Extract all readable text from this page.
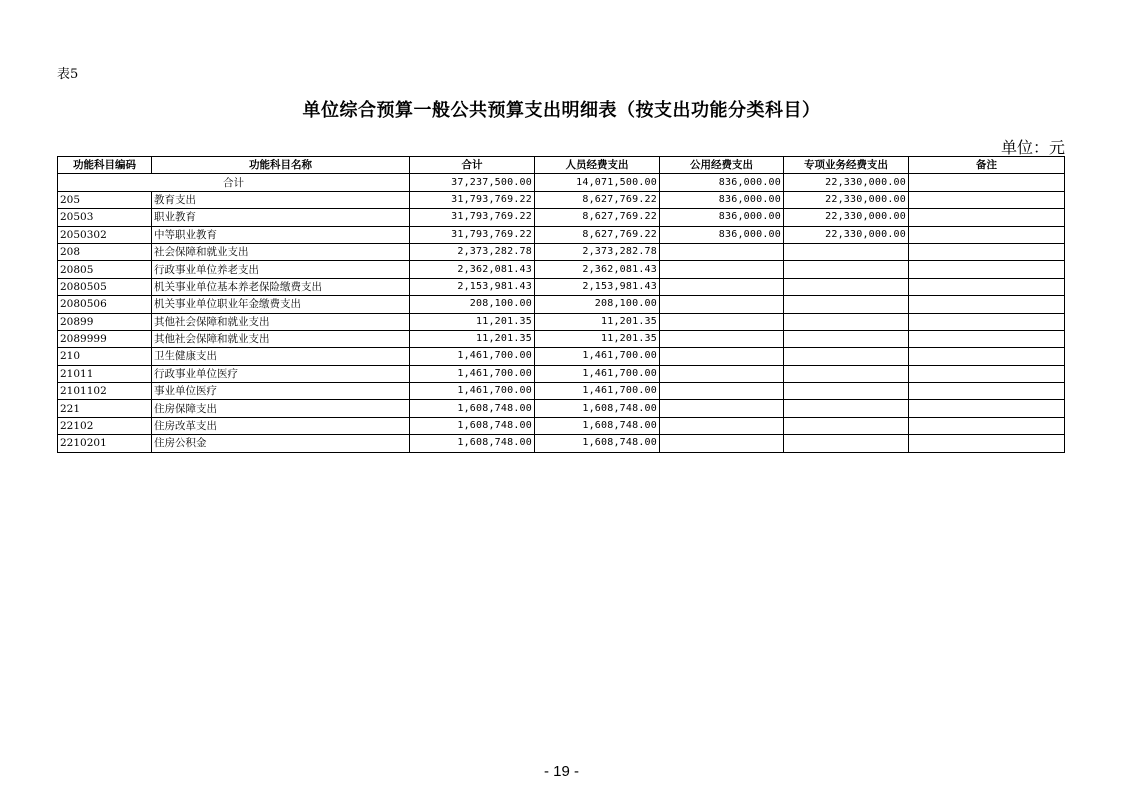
表5
单位综合预算一般公共预算支出明细表（按支出功能分类科目）
单位：元
功能科目编码	功能科目名称	合计	人员经费支出	公用经费支出	专项业务经费支出	备注
合计		37,237,500.00	14,071,500.00	836,000.00	22,330,000.00	
205	教育支出	31,793,769.22	8,627,769.22	836,000.00	22,330,000.00	
20503	职业教育	31,793,769.22	8,627,769.22	836,000.00	22,330,000.00	
2050302	中等职业教育	31,793,769.22	8,627,769.22	836,000.00	22,330,000.00	
208	社会保障和就业支出	2,373,282.78	2,373,282.78			
20805	行政事业单位养老支出	2,362,081.43	2,362,081.43			
2080505	机关事业单位基本养老保险缴费支出	2,153,981.43	2,153,981.43			
2080506	机关事业单位职业年金缴费支出	208,100.00	208,100.00			
20899	其他社会保障和就业支出	11,201.35	11,201.35			
2089999	其他社会保障和就业支出	11,201.35	11,201.35			
210	卫生健康支出	1,461,700.00	1,461,700.00			
21011	行政事业单位医疗	1,461,700.00	1,461,700.00			
2101102	事业单位医疗	1,461,700.00	1,461,700.00			
221	住房保障支出	1,608,748.00	1,608,748.00			
22102	住房改革支出	1,608,748.00	1,608,748.00			
2210201	住房公积金	1,608,748.00	1,608,748.00			
- 19 -
